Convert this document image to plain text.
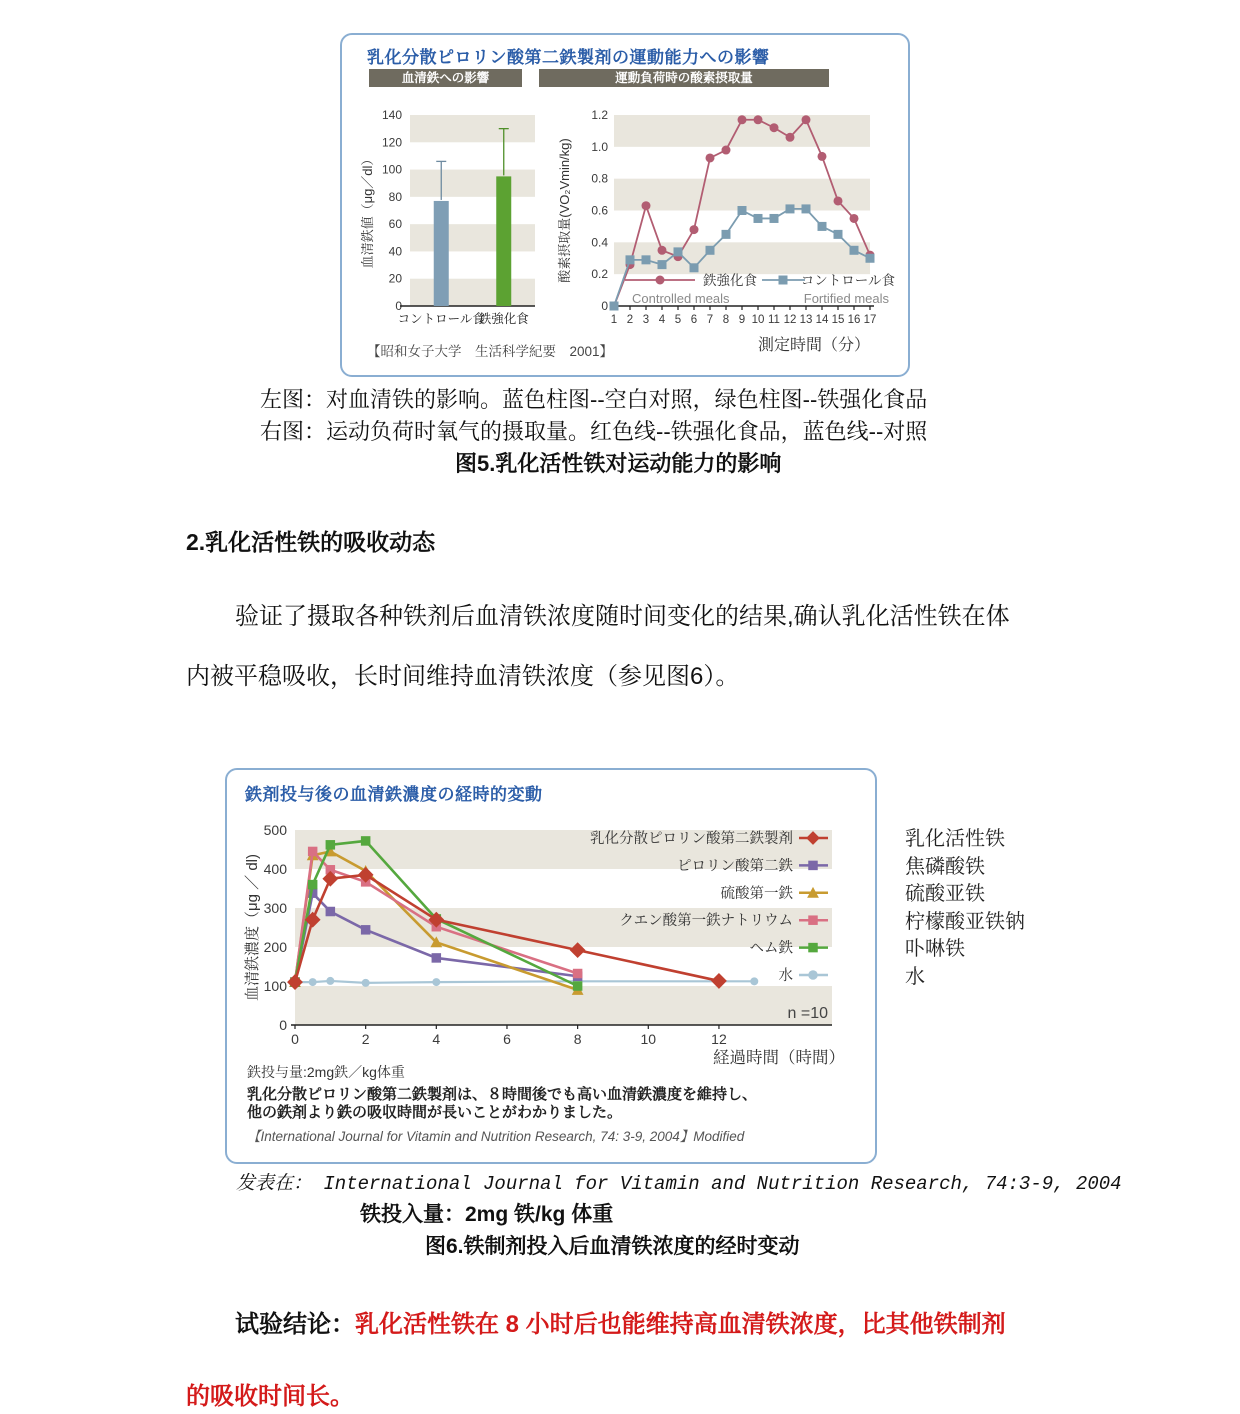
乳化分散ピロリン酸第二鉄製剤の運動能力への影響
血清鉄への影響	運動負荷時の酸素摂取量
0
20
40
60
80
100
120
140
血清鉄値（μg／dl）
コントロール食
鉄強化食
0
0.2
0.4
0.6
0.8
1.0
1.2
酸素摂取量(VO₂Vmin/kg)
1 2 3 4 5 6 7 8 9 10 11 12 13 14 15 16 17
測定時間（分）
鉄強化食
Controlled meals
コントロール食
Fortified meals
【昭和女子大学　生活科学紀要　2001】
左图：对血清铁的影响。蓝色柱图--空白对照，绿色柱图--铁强化食品
右图：运动负荷时氧气的摄取量。红色线--铁强化食品，蓝色线--对照
图5.乳化活性铁对运动能力的影响
2.乳化活性铁的吸收动态
验证了摄取各种铁剂后血清铁浓度随时间变化的结果,确认乳化活性铁在体
内被平稳吸收，长时间维持血清铁浓度（参见图6）。
鉄剤投与後の血清鉄濃度の経時的変動
0
100
200
300
400
500
血清鉄濃度（μg ／ dl)
0	2	4	6	8	10	12
経過時間（時間）
乳化分散ピロリン酸第二鉄製剤
ピロリン酸第二鉄
硫酸第一鉄
クエン酸第一鉄ナトリウム
ヘム鉄
水
n =10
鉄投与量:2mg鉄／kg体重
乳化分散ピロリン酸第二鉄製剤は、８時間後でも高い血清鉄濃度を維持し、
他の鉄剤より鉄の吸収時間が長いことがわかりました。
【International Journal for Vitamin and Nutrition Research, 74: 3-9, 2004】Modified
乳化活性铁
焦磷酸铁
硫酸亚铁
柠檬酸亚铁钠
卟啉铁
水
发表在： International Journal for Vitamin and Nutrition Research, 74:3-9, 2004
铁投入量：2mg 铁/kg 体重
图6.铁制剂投入后血清铁浓度的经时变动
试验结论：乳化活性铁在 8 小时后也能维持高血清铁浓度，比其他铁制剂
的吸收时间长。
